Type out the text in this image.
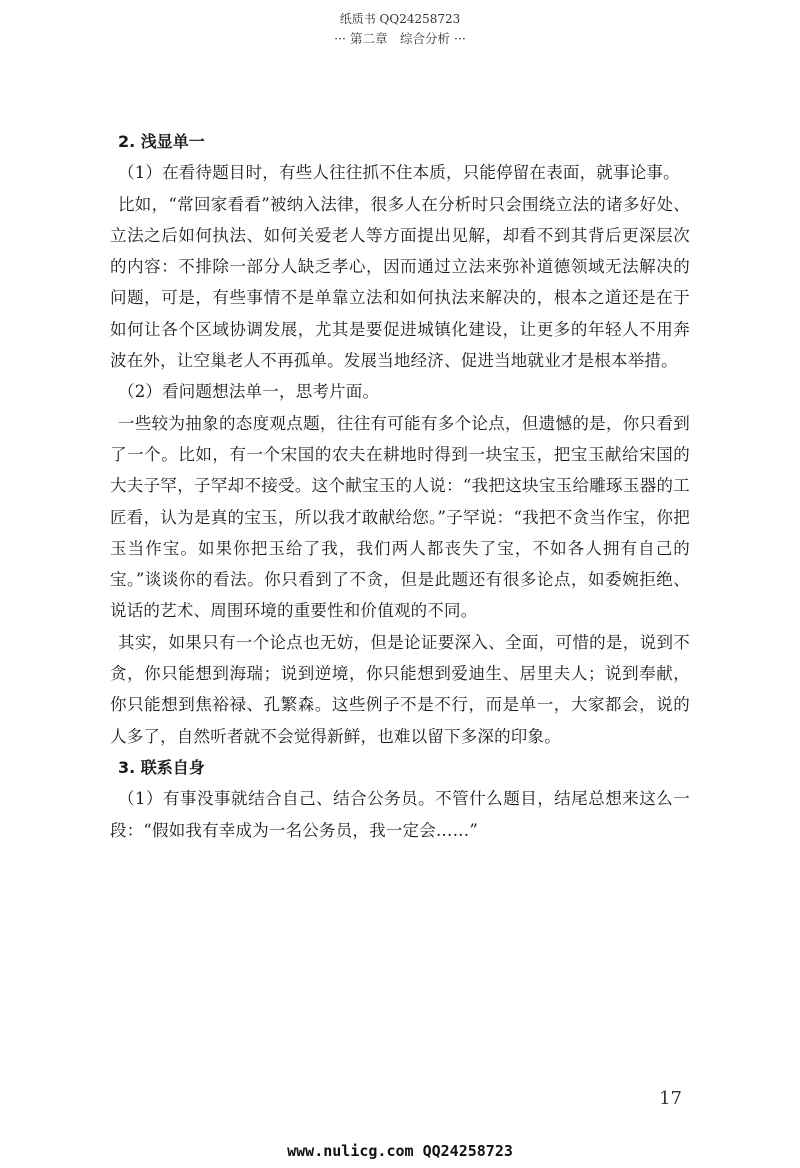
纸质书 QQ24258723
··· 第二章　综合分析 ···
2. 浅显单一

（1）在看待题目时，有些人往往抓不住本质，只能停留在表面，就事论事。

比如，“常回家看看”被纳入法律，很多人在分析时只会围绕立法的诸多好处、立法之后如何执法、如何关爱老人等方面提出见解，却看不到其背后更深层次的内容：不排除一部分人缺乏孝心，因而通过立法来弥补道德领域无法解决的问题，可是，有些事情不是单靠立法和如何执法来解决的，根本之道还是在于如何让各个区域协调发展，尤其是要促进城镇化建设，让更多的年轻人不用奔波在外，让空巢老人不再孤单。发展当地经济、促进当地就业才是根本举措。

（2）看问题想法单一，思考片面。

一些较为抽象的态度观点题，往往有可能有多个论点，但遗憾的是，你只看到了一个。比如，有一个宋国的农夫在耕地时得到一块宝玉，把宝玉献给宋国的大夫子罕，子罕却不接受。这个献宝玉的人说：“我把这块宝玉给雕琢玉器的工匠看，认为是真的宝玉，所以我才敢献给您。”子罕说：“我把不贪当作宝，你把玉当作宝。如果你把玉给了我，我们两人都丧失了宝，不如各人拥有自己的宝。”谈谈你的看法。你只看到了不贪，但是此题还有很多论点，如委婉拒绝、说话的艺术、周围环境的重要性和价值观的不同。

其实，如果只有一个论点也无妨，但是论证要深入、全面，可惜的是，说到不贪，你只能想到海瑞；说到逆境，你只能想到爱迪生、居里夫人；说到奉献，你只能想到焦裕禄、孔繁森。这些例子不是不行，而是单一，大家都会，说的人多了，自然听者就不会觉得新鲜，也难以留下多深的印象。

3. 联系自身

（1）有事没事就结合自己、结合公务员。不管什么题目，结尾总想来这么一段：“假如我有幸成为一名公务员，我一定会……”

17
www.nulicg.com QQ24258723
